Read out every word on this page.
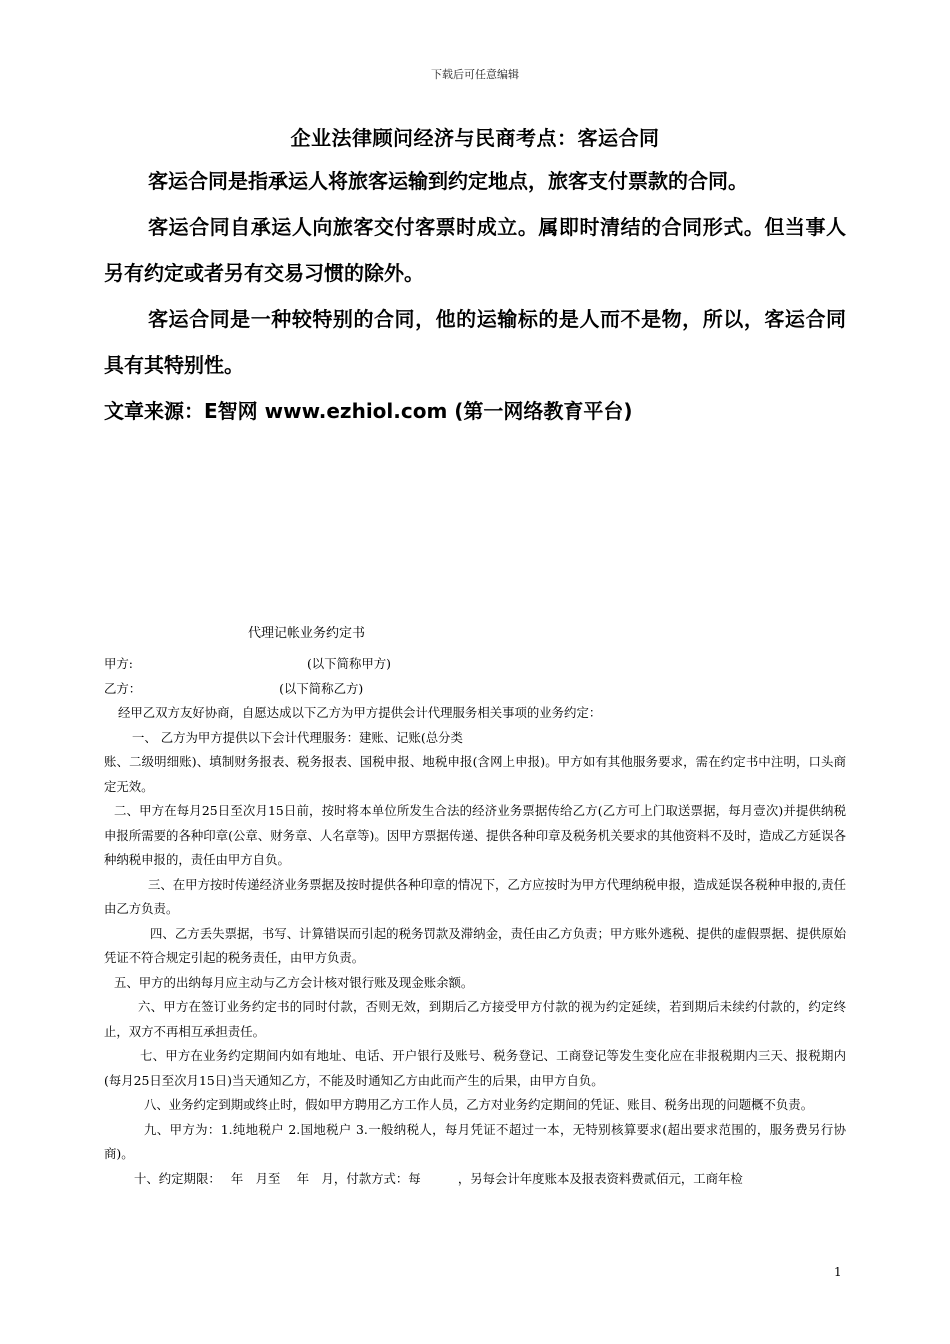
下载后可任意编辑
企业法律顾问经济与民商考点：客运合同

客运合同是指承运人将旅客运输到约定地点，旅客支付票款的合同。

客运合同自承运人向旅客交付客票时成立。属即时清结的合同形式。但当事人另有约定或者另有交易习惯的除外。

客运合同是一种较特别的合同，他的运输标的是人而不是物，所以，客运合同具有其特别性。

文章来源：E智网 www.ezhiol.com (第一网络教育平台)

代理记帐业务约定书
甲方:	(以下简称甲方)
乙方：	(以下简称乙方)

经甲乙双方友好协商，自愿达成以下乙方为甲方提供会计代理服务相关事项的业务约定：

一、 乙方为甲方提供以下会计代理服务：建账、记账(总分类

账、二级明细账)、填制财务报表、税务报表、国税申报、地税申报(含网上申报)。甲方如有其他服务要求，需在约定书中注明，口头商定无效。

二、甲方在每月25日至次月15日前，按时将本单位所发生合法的经济业务票据传给乙方(乙方可上门取送票据，每月壹次)并提供纳税申报所需要的各种印章(公章、财务章、人名章等)。因甲方票据传递、提供各种印章及税务机关要求的其他资料不及时，造成乙方延误各种纳税申报的，责任由甲方自负。

三、在甲方按时传递经济业务票据及按时提供各种印章的情况下，乙方应按时为甲方代理纳税申报，造成延误各税种申报的,责任由乙方负责。

四、乙方丢失票据，书写、计算错误而引起的税务罚款及滞纳金，责任由乙方负责；甲方账外逃税、提供的虚假票据、提供原始凭证不符合规定引起的税务责任，由甲方负责。

五、甲方的出纳每月应主动与乙方会计核对银行账及现金账余额。

六、甲方在签订业务约定书的同时付款，否则无效，到期后乙方接受甲方付款的视为约定延续，若到期后未续约付款的，约定终止，双方不再相互承担责任。

七、甲方在业务约定期间内如有地址、电话、开户银行及账号、税务登记、工商登记等发生变化应在非报税期内三天、报税期内(每月25日至次月15日)当天通知乙方，不能及时通知乙方由此而产生的后果，由甲方自负。

八、业务约定到期或终止时，假如甲方聘用乙方工作人员，乙方对业务约定期间的凭证、账目、税务出现的问题概不负责。

九、甲方为：1.纯地税户 2.国地税户 3.一般纳税人，每月凭证不超过一本，无特别核算要求(超出要求范围的，服务费另行协商)。

十、约定期限：　 年　月至　 年　月，付款方式：每　　　，另每会计年度账本及报表资料费贰佰元，工商年检

1
